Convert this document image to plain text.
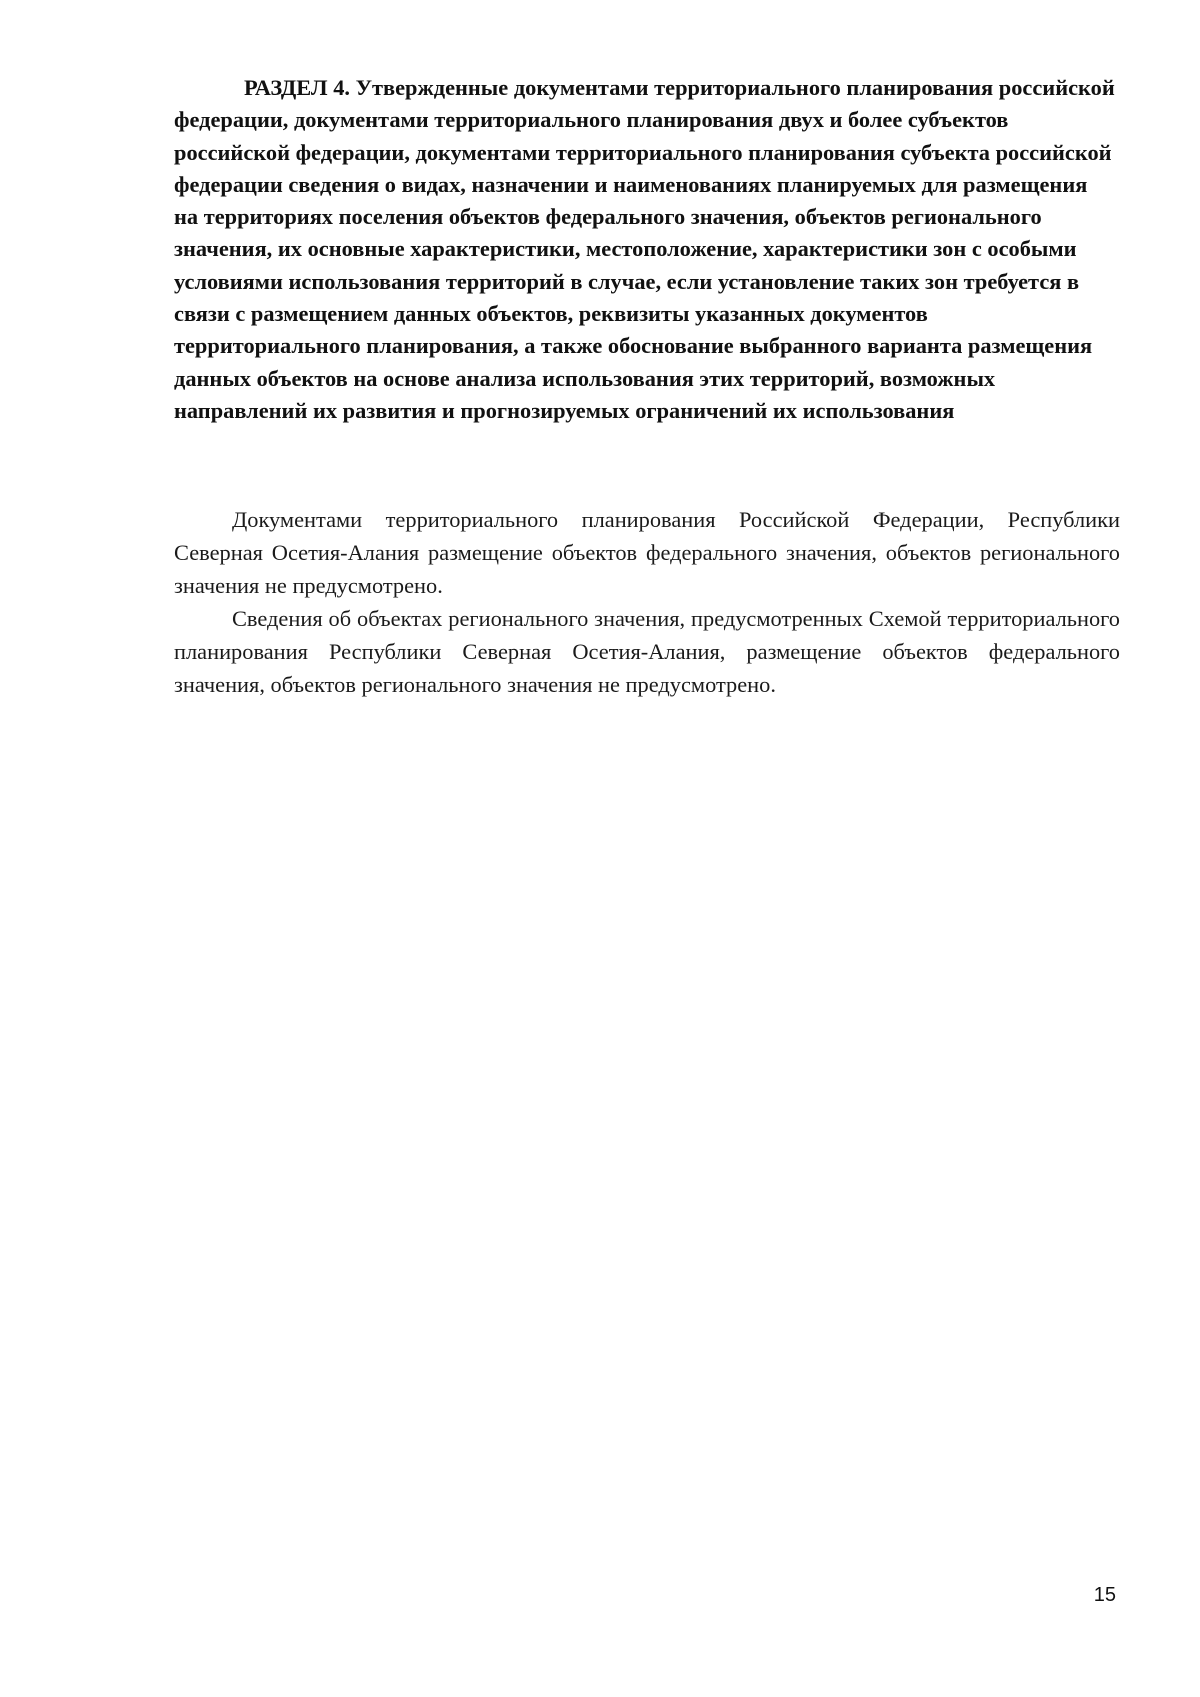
РАЗДЕЛ 4. Утвержденные документами территориального планирования российской федерации, документами территориального планирования двух и более субъектов российской федерации, документами территориального планирования субъекта российской федерации сведения о видах, назначении и наименованиях планируемых для размещения на территориях поселения объектов федерального значения, объектов регионального значения, их основные характеристики, местоположение, характеристики зон с особыми условиями использования территорий в случае, если установление таких зон требуется в связи с размещением данных объектов, реквизиты указанных документов территориального планирования, а также обоснование выбранного варианта размещения данных объектов на основе анализа использования этих территорий, возможных направлений их развития и прогнозируемых ограничений их использования

Документами территориального планирования Российской Федерации, Республики Северная Осетия-Алания размещение объектов федерального значения, объектов регионального значения не предусмотрено.

Сведения об объектах регионального значения, предусмотренных Схемой территориального планирования Республики Северная Осетия-Алания, размещение объектов федерального значения, объектов регионального значения не предусмотрено.

15
